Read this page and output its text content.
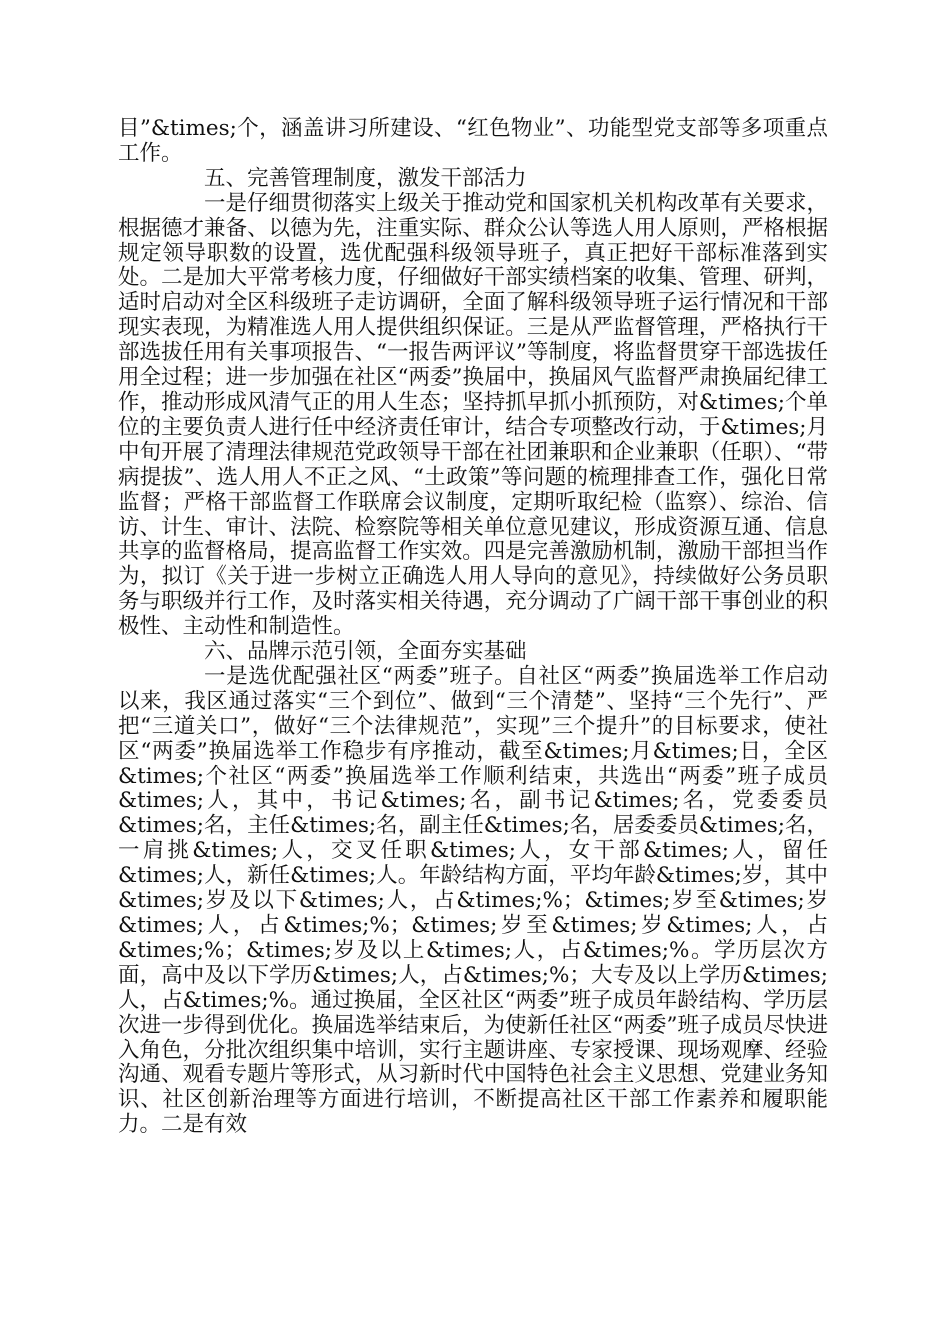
目”&times;个，涵盖讲习所建设、“红色物业”、功能型党支部等多项重点工作。

五、完善管理制度，激发干部活力

一是仔细贯彻落实上级关于推动党和国家机关机构改革有关要求，根据德才兼备、以德为先，注重实际、群众公认等选人用人原则，严格根据规定领导职数的设置，选优配强科级领导班子，真正把好干部标准落到实处。二是加大平常考核力度，仔细做好干部实绩档案的收集、管理、研判，适时启动对全区科级班子走访调研，全面了解科级领导班子运行情况和干部现实表现，为精准选人用人提供组织保证。三是从严监督管理，严格执行干部选拔任用有关事项报告、“一报告两评议”等制度，将监督贯穿干部选拔任用全过程；进一步加强在社区“两委”换届中，换届风气监督严肃换届纪律工作，推动形成风清气正的用人生态；坚持抓早抓小抓预防，对&times;个单位的主要负责人进行任中经济责任审计，结合专项整改行动，于&times;月中旬开展了清理法律规范党政领导干部在社团兼职和企业兼职（任职）、“带病提拔”、选人用人不正之风、“土政策”等问题的梳理排查工作，强化日常监督；严格干部监督工作联席会议制度，定期听取纪检（监察）、综治、信访、计生、审计、法院、检察院等相关单位意见建议，形成资源互通、信息共享的监督格局，提高监督工作实效。四是完善激励机制，激励干部担当作为，拟订《关于进一步树立正确选人用人导向的意见》，持续做好公务员职务与职级并行工作，及时落实相关待遇，充分调动了广阔干部干事创业的积极性、主动性和制造性。

六、品牌示范引领，全面夯实基础

一是选优配强社区“两委”班子。自社区“两委”换届选举工作启动以来，我区通过落实“三个到位”、做到“三个清楚”、坚持“三个先行”、严把“三道关口”，做好“三个法律规范”，实现”三个提升”的目标要求，使社区“两委”换届选举工作稳步有序推动，截至&times;月&times;日，全区&times;个社区“两委”换届选举工作顺利结束，共选出“两委”班子成员&times;人，其中，书记&times;名，副书记&times;名，党委委员&times;名，主任&times;名，副主任&times;名，居委委员&times;名，一肩挑&times;人，交叉任职&times;人，女干部&times;人，留任&times;人，新任&times;人。年龄结构方面，平均年龄&times;岁，其中&times;岁及以下&times;人，占&times;%；&times;岁至&times;岁&times;人，占&times;%；&times;岁至&times;岁&times;人，占&times;%；&times;岁及以上&times;人，占&times;%。学历层次方面，高中及以下学历&times;人，占&times;%；大专及以上学历&times;人，占&times;%。通过换届，全区社区“两委”班子成员年龄结构、学历层次进一步得到优化。换届选举结束后，为使新任社区“两委”班子成员尽快进入角色，分批次组织集中培训，实行主题讲座、专家授课、现场观摩、经验沟通、观看专题片等形式，从习新时代中国特色社会主义思想、党建业务知识、社区创新治理等方面进行培训，不断提高社区干部工作素养和履职能力。二是有效
